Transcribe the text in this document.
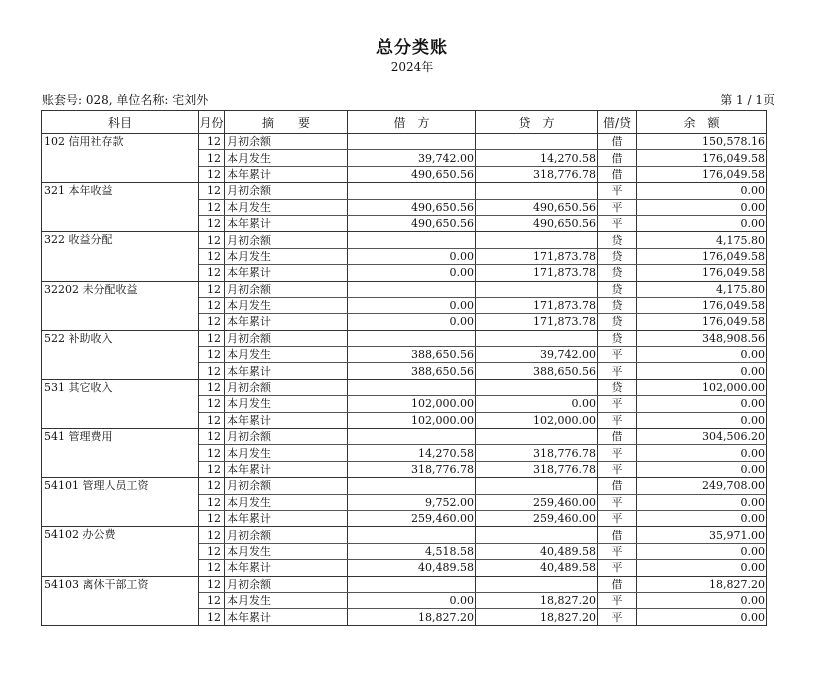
总分类账
2024年
账套号: 028, 单位名称: 宅刘外	第 1 / 1页
科目	月份	摘　　要	借　方	贷　方	借/贷	余　额
102 信用社存款	12	月初余额			借	150,578.16
	12	本月发生	39,742.00	14,270.58	借	176,049.58
	12	本年累计	490,650.56	318,776.78	借	176,049.58
321 本年收益	12	月初余额			平	0.00
	12	本月发生	490,650.56	490,650.56	平	0.00
	12	本年累计	490,650.56	490,650.56	平	0.00
322 收益分配	12	月初余额			贷	4,175.80
	12	本月发生	0.00	171,873.78	贷	176,049.58
	12	本年累计	0.00	171,873.78	贷	176,049.58
32202 未分配收益	12	月初余额			贷	4,175.80
	12	本月发生	0.00	171,873.78	贷	176,049.58
	12	本年累计	0.00	171,873.78	贷	176,049.58
522 补助收入	12	月初余额			贷	348,908.56
	12	本月发生	388,650.56	39,742.00	平	0.00
	12	本年累计	388,650.56	388,650.56	平	0.00
531 其它收入	12	月初余额			贷	102,000.00
	12	本月发生	102,000.00	0.00	平	0.00
	12	本年累计	102,000.00	102,000.00	平	0.00
541 管理费用	12	月初余额			借	304,506.20
	12	本月发生	14,270.58	318,776.78	平	0.00
	12	本年累计	318,776.78	318,776.78	平	0.00
54101 管理人员工资	12	月初余额			借	249,708.00
	12	本月发生	9,752.00	259,460.00	平	0.00
	12	本年累计	259,460.00	259,460.00	平	0.00
54102 办公费	12	月初余额			借	35,971.00
	12	本月发生	4,518.58	40,489.58	平	0.00
	12	本年累计	40,489.58	40,489.58	平	0.00
54103 离休干部工资	12	月初余额			借	18,827.20
	12	本月发生	0.00	18,827.20	平	0.00
	12	本年累计	18,827.20	18,827.20	平	0.00
